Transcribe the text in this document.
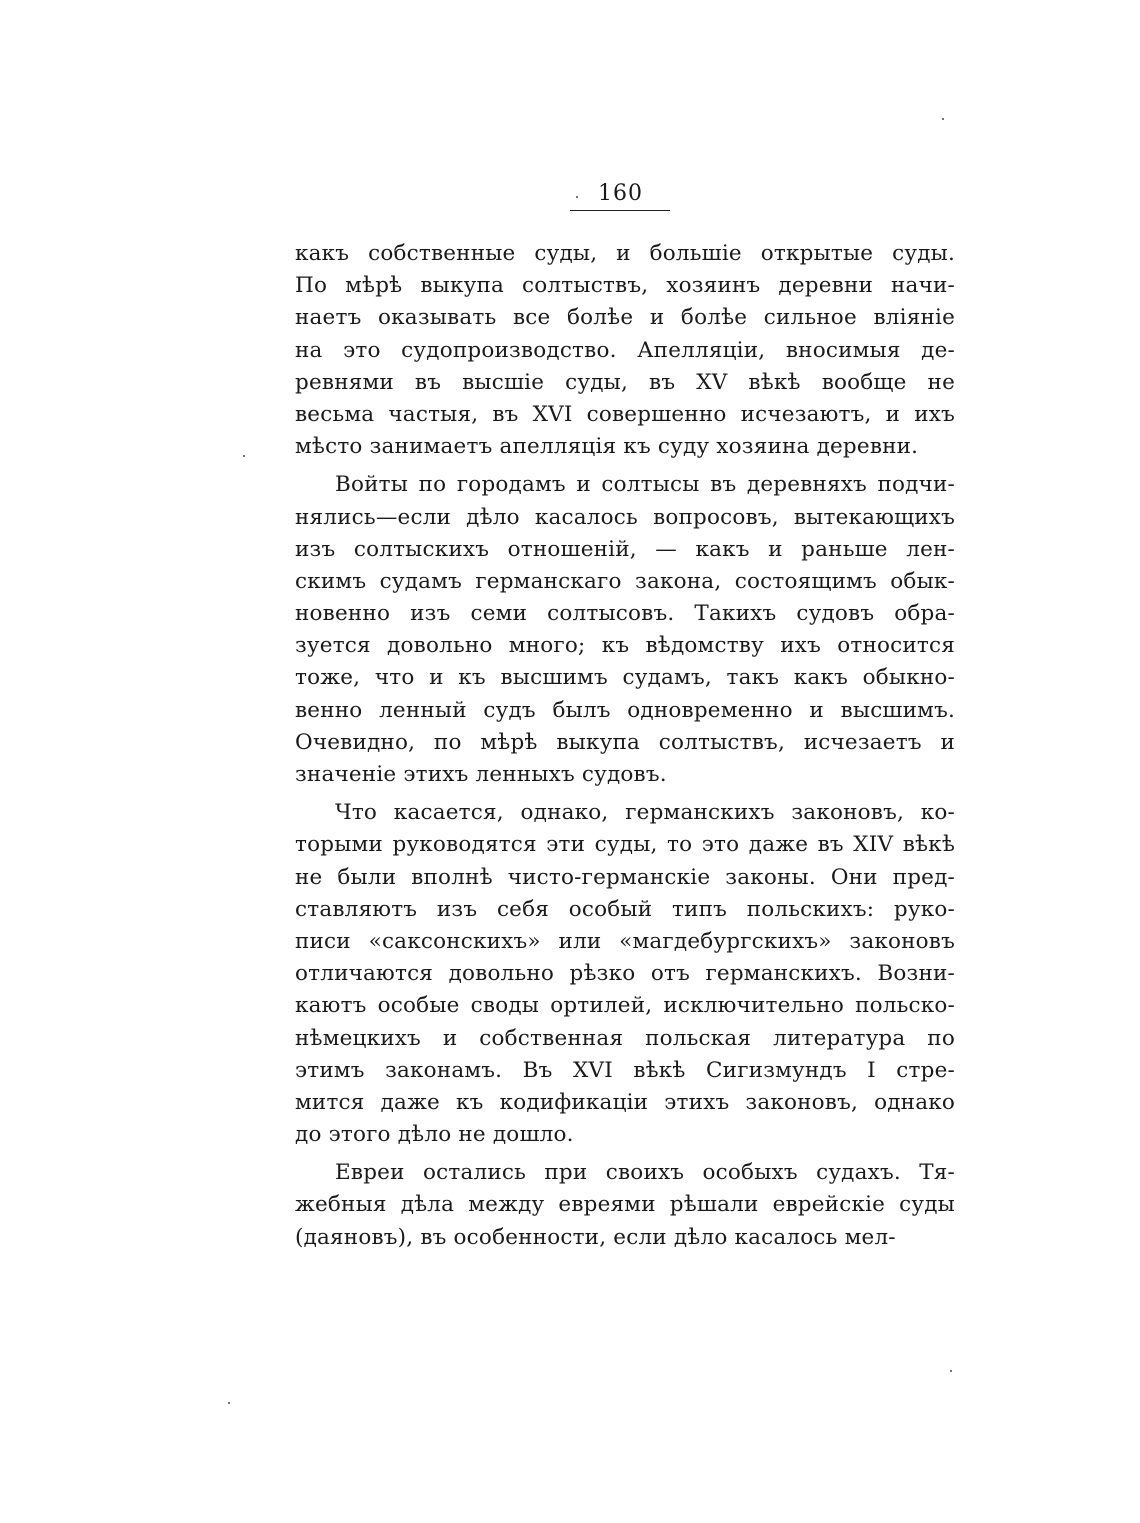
160
какъ собственные суды, и большіе открытые суды.
По мѣрѣ выкупа солтыствъ, хозяинъ деревни начи-
наетъ оказывать все болѣе и болѣе сильное вліяніе
на это судопроизводство. Апелляціи, вносимыя де-
ревнями въ высшіе суды, въ XV вѣкѣ вообще не
весьма частыя, въ XVI совершенно исчезаютъ, и ихъ
мѣсто занимаетъ апелляція къ суду хозяина деревни.
Войты по городамъ и солтысы въ деревняхъ подчи-
нялись—если дѣло касалось вопросовъ, вытекающихъ
изъ солтыскихъ отношеній, — какъ и раньше лен-
скимъ судамъ германскаго закона, состоящимъ обык-
новенно изъ семи солтысовъ. Такихъ судовъ обра-
зуется довольно много; къ вѣдомству ихъ относится
тоже, что и къ высшимъ судамъ, такъ какъ обыкно-
венно ленный судъ былъ одновременно и высшимъ.
Очевидно, по мѣрѣ выкупа солтыствъ, исчезаетъ и
значеніе этихъ ленныхъ судовъ.
Что касается, однако, германскихъ законовъ, ко-
торыми руководятся эти суды, то это даже въ XIV вѣкѣ
не были вполнѣ чисто-германскіе законы. Они пред-
ставляютъ изъ себя особый типъ польскихъ: руко-
писи «саксонскихъ» или «магдебургскихъ» законовъ
отличаются довольно рѣзко отъ германскихъ. Возни-
каютъ особые своды ортилей, исключительно польско-
нѣмецкихъ и собственная польская литература по
этимъ законамъ. Въ XVI вѣкѣ Сигизмундъ I стре-
мится даже къ кодификаціи этихъ законовъ, однако
до этого дѣло не дошло.
Евреи остались при своихъ особыхъ судахъ. Тя-
жебныя дѣла между евреями рѣшали еврейскіе суды
(даяновъ), въ особенности, если дѣло касалось мел-
